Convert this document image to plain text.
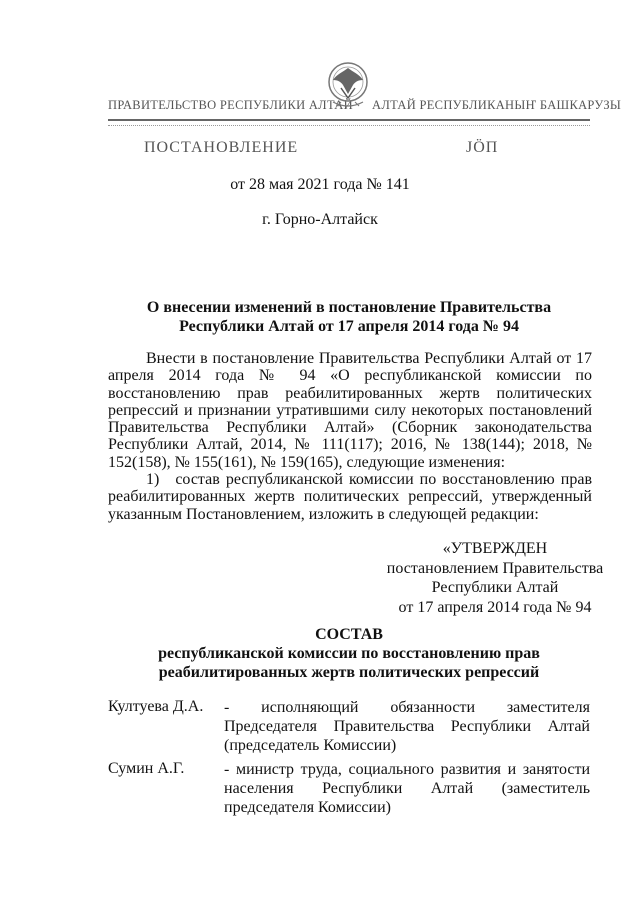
ПРАВИТЕЛЬСТВО РЕСПУБЛИКИ АЛТАЙ АЛТАЙ РЕСПУБЛИКАНЫҤ БАШКАРУЗЫ
ПОСТАНОВЛЕНИЕ	ЈӦП
от 28 мая 2021 года № 141
г. Горно-Алтайск
О внесении изменений в постановление Правительства Республики Алтай от 17 апреля 2014 года № 94

Внести в постановление Правительства Республики Алтай от 17 апреля 2014 года № 94 «О республиканской комиссии по восстановлению прав реабилитированных жертв политических репрессий и признании утратившими силу некоторых постановлений Правительства Республики Алтай» (Сборник законодательства Республики Алтай, 2014, № 111(117); 2016, № 138(144); 2018, № 152(158), № 155(161), № 159(165), следующие изменения:

1) состав республиканской комиссии по восстановлению прав реабилитированных жертв политических репрессий, утвержденный указанным Постановлением, изложить в следующей редакции:

«УТВЕРЖДЕН
постановлением Правительства
Республики Алтай
от 17 апреля 2014 года № 94
СОСТАВ
республиканской комиссии по восстановлению прав реабилитированных жертв политических репрессий
Култуева Д.А. - исполняющий обязанности заместителя Председателя Правительства Республики Алтай (председатель Комиссии)
Сумин А.Г. - министр труда, социального развития и занятости населения Республики Алтай (заместитель председателя Комиссии)
